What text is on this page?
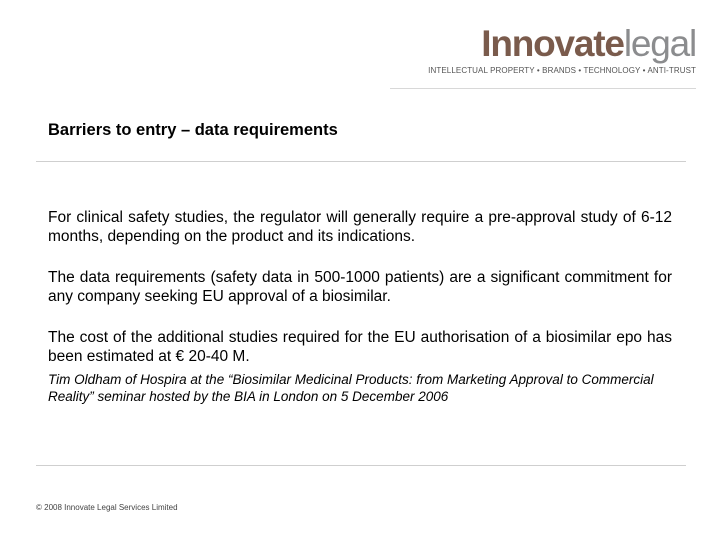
Innovatelegal
INTELLECTUAL PROPERTY • BRANDS • TECHNOLOGY • ANTI-TRUST
Barriers to entry – data requirements

For clinical safety studies, the regulator will generally require a pre-approval study of 6-12 months, depending on the product and its indications.

The data requirements (safety data in 500-1000 patients) are a significant commitment for any company seeking EU approval of a biosimilar.

The cost of the additional studies required for the EU authorisation of a biosimilar epo has been estimated at € 20-40 M.

Tim Oldham of Hospira at the “Biosimilar Medicinal Products: from Marketing Approval to Commercial Reality” seminar hosted by the BIA in London on 5 December 2006

© 2008 Innovate Legal Services Limited
